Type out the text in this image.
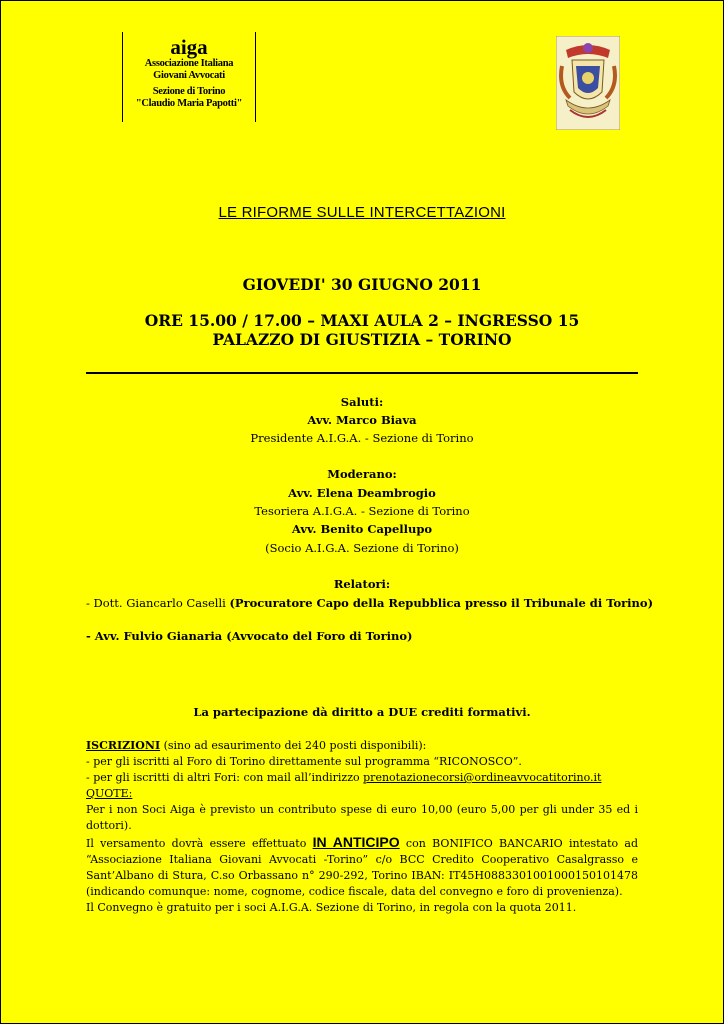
aiga
Associazione Italiana
Giovani Avvocati
Sezione di Torino
"Claudio Maria Papotti"
LE RIFORME SULLE INTERCETTAZIONI
GIOVEDI' 30 GIUGNO 2011
ORE 15.00 / 17.00 – MAXI AULA 2 – INGRESSO 15
PALAZZO DI GIUSTIZIA – TORINO
Saluti:
Avv. Marco Biava
Presidente A.I.G.A. - Sezione di Torino
Moderano:
Avv. Elena Deambrogio
Tesoriera A.I.G.A. - Sezione di Torino
Avv. Benito Capellupo
(Socio A.I.G.A. Sezione di Torino)
Relatori:
- Dott. Giancarlo Caselli (Procuratore Capo della Repubblica presso il Tribunale di Torino)
- Avv. Fulvio Gianaria (Avvocato del Foro di Torino)
La partecipazione dà diritto a DUE crediti formativi.

ISCRIZIONI (sino ad esaurimento dei 240 posti disponibili):

- per gli iscritti al Foro di Torino direttamente sul programma “RICONOSCO”.

- per gli iscritti di altri Fori: con mail all’indirizzo prenotazionecorsi@ordineavvocatitorino.it

QUOTE:

Per i non Soci Aiga è previsto un contributo spese di euro 10,00 (euro 5,00 per gli under 35 ed i dottori).

Il versamento dovrà essere effettuato IN ANTICIPO con BONIFICO BANCARIO intestato ad “Associazione Italiana Giovani Avvocati -Torino” c/o BCC Credito Cooperativo Casalgrasso e Sant’Albano di Stura, C.so Orbassano n° 290-292, Torino IBAN: IT45H0883301001000150101478 (indicando comunque: nome, cognome, codice fiscale, data del convegno e foro di provenienza).

Il Convegno è gratuito per i soci A.I.G.A. Sezione di Torino, in regola con la quota 2011.
